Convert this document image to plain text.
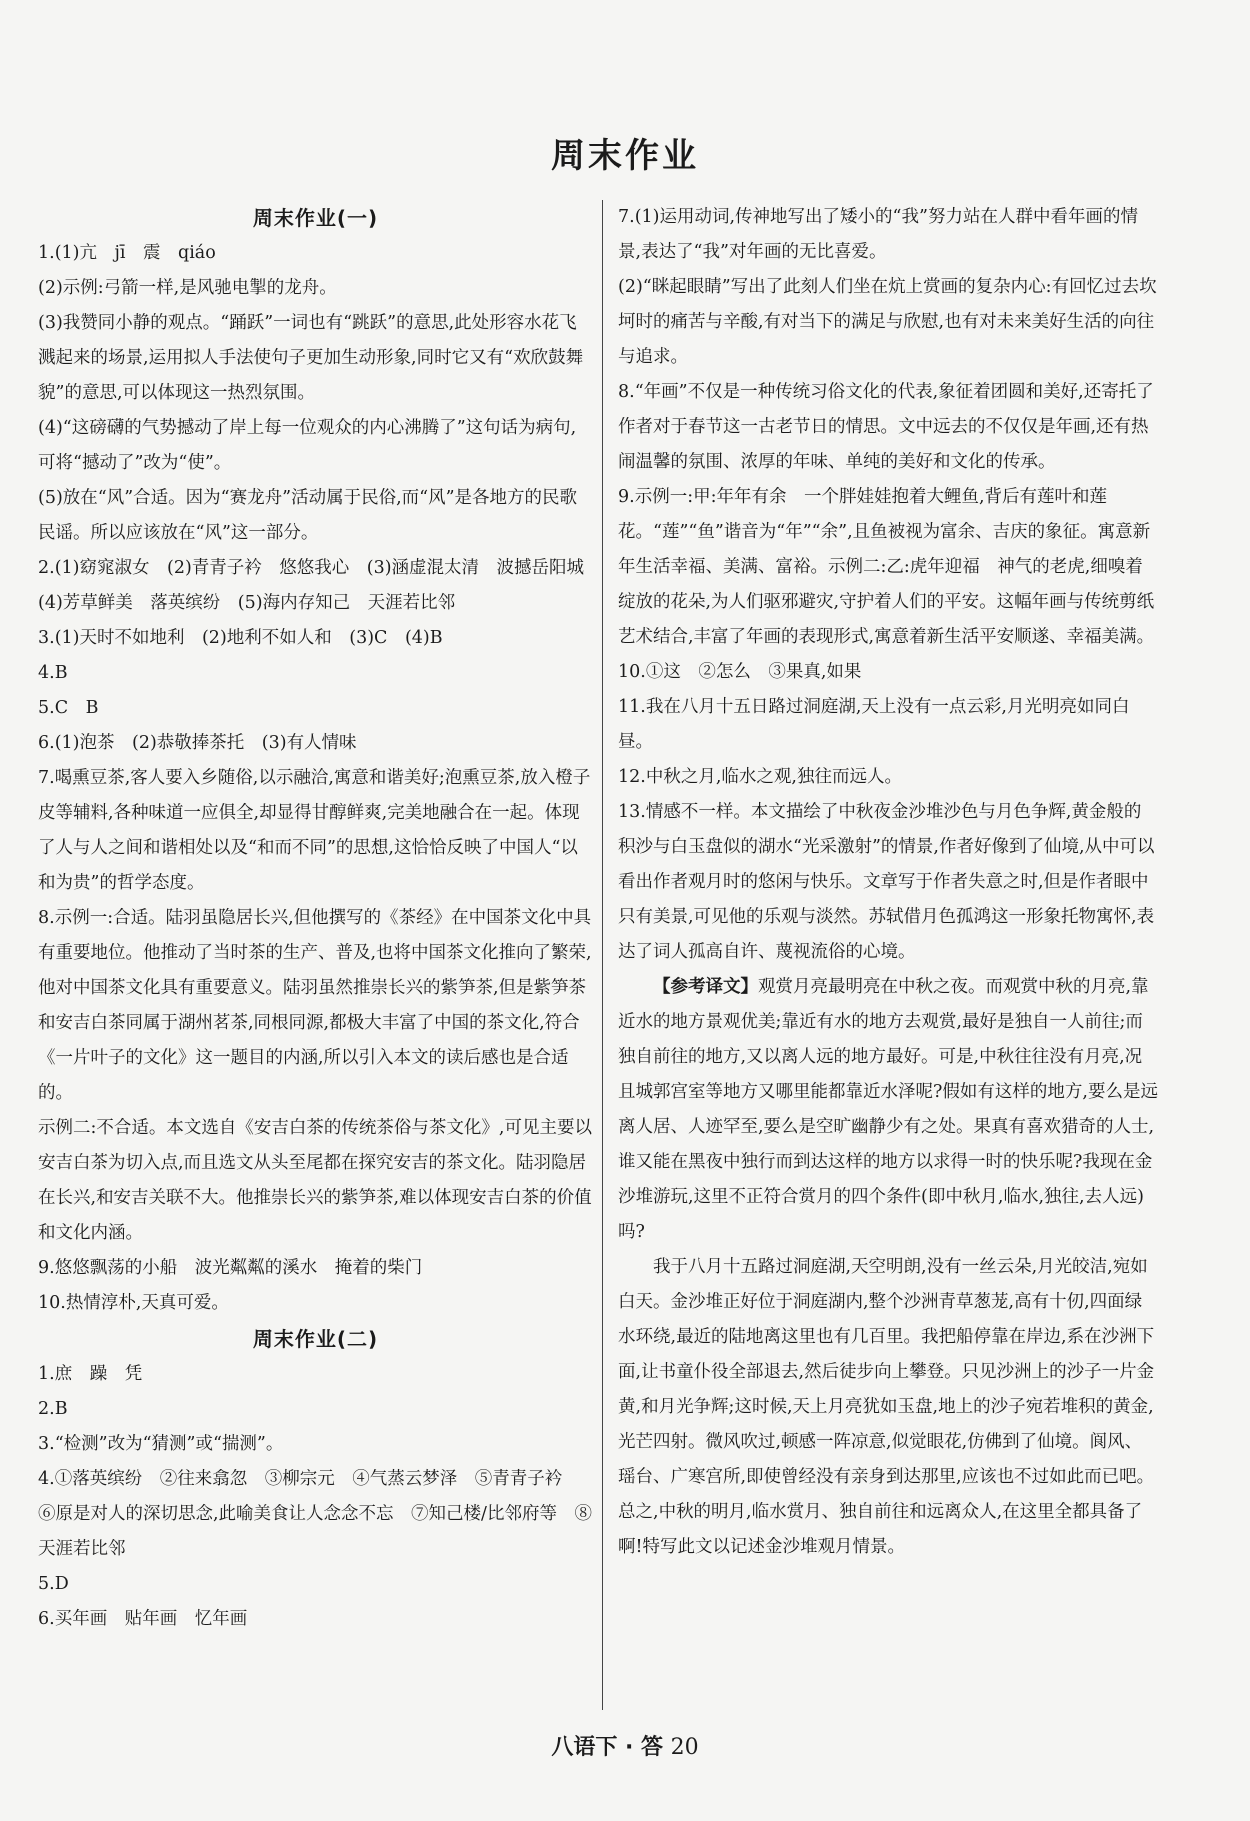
周末作业
周末作业(一)

1.(1)亢　jī　震　qiáo

(2)示例:弓箭一样,是风驰电掣的龙舟。

(3)我赞同小静的观点。“踊跃”一词也有“跳跃”的意思,此处形容水花飞溅起来的场景,运用拟人手法使句子更加生动形象,同时它又有“欢欣鼓舞貌”的意思,可以体现这一热烈氛围。

(4)“这磅礴的气势撼动了岸上每一位观众的内心沸腾了”这句话为病句,可将“撼动了”改为“使”。

(5)放在“风”合适。因为“赛龙舟”活动属于民俗,而“风”是各地方的民歌民谣。所以应该放在“风”这一部分。

2.(1)窈窕淑女　(2)青青子衿　悠悠我心　(3)涵虚混太清　波撼岳阳城　(4)芳草鲜美　落英缤纷　(5)海内存知己　天涯若比邻

3.(1)天时不如地利　(2)地利不如人和　(3)C　(4)B

4.B

5.C　B

6.(1)泡茶　(2)恭敬捧茶托　(3)有人情味

7.喝熏豆茶,客人要入乡随俗,以示融洽,寓意和谐美好;泡熏豆茶,放入橙子皮等辅料,各种味道一应俱全,却显得甘醇鲜爽,完美地融合在一起。体现了人与人之间和谐相处以及“和而不同”的思想,这恰恰反映了中国人“以和为贵”的哲学态度。

8.示例一:合适。陆羽虽隐居长兴,但他撰写的《茶经》在中国茶文化中具有重要地位。他推动了当时茶的生产、普及,也将中国茶文化推向了繁荣,他对中国茶文化具有重要意义。陆羽虽然推崇长兴的紫笋茶,但是紫笋茶和安吉白茶同属于湖州茗茶,同根同源,都极大丰富了中国的茶文化,符合《一片叶子的文化》这一题目的内涵,所以引入本文的读后感也是合适的。

示例二:不合适。本文选自《安吉白茶的传统茶俗与茶文化》,可见主要以安吉白茶为切入点,而且选文从头至尾都在探究安吉的茶文化。陆羽隐居在长兴,和安吉关联不大。他推崇长兴的紫笋茶,难以体现安吉白茶的价值和文化内涵。

9.悠悠飘荡的小船　波光粼粼的溪水　掩着的柴门

10.热情淳朴,天真可爱。

周末作业(二)

1.庶　躁　凭

2.B

3.“检测”改为“猜测”或“揣测”。

4.①落英缤纷　②往来翕忽　③柳宗元　④气蒸云梦泽　⑤青青子衿　⑥原是对人的深切思念,此喻美食让人念念不忘　⑦知己楼/比邻府等　⑧天涯若比邻

5.D

6.买年画　贴年画　忆年画

7.(1)运用动词,传神地写出了矮小的“我”努力站在人群中看年画的情景,表达了“我”对年画的无比喜爱。

(2)“眯起眼睛”写出了此刻人们坐在炕上赏画的复杂内心:有回忆过去坎坷时的痛苦与辛酸,有对当下的满足与欣慰,也有对未来美好生活的向往与追求。

8.“年画”不仅是一种传统习俗文化的代表,象征着团圆和美好,还寄托了作者对于春节这一古老节日的情思。文中远去的不仅仅是年画,还有热闹温馨的氛围、浓厚的年味、单纯的美好和文化的传承。

9.示例一:甲:年年有余　一个胖娃娃抱着大鲤鱼,背后有莲叶和莲花。“莲”“鱼”谐音为“年”“余”,且鱼被视为富余、吉庆的象征。寓意新年生活幸福、美满、富裕。示例二:乙:虎年迎福　神气的老虎,细嗅着绽放的花朵,为人们驱邪避灾,守护着人们的平安。这幅年画与传统剪纸艺术结合,丰富了年画的表现形式,寓意着新生活平安顺遂、幸福美满。

10.①这　②怎么　③果真,如果

11.我在八月十五日路过洞庭湖,天上没有一点云彩,月光明亮如同白昼。

12.中秋之月,临水之观,独往而远人。

13.情感不一样。本文描绘了中秋夜金沙堆沙色与月色争辉,黄金般的积沙与白玉盘似的湖水“光采激射”的情景,作者好像到了仙境,从中可以看出作者观月时的悠闲与快乐。文章写于作者失意之时,但是作者眼中只有美景,可见他的乐观与淡然。苏轼借月色孤鸿这一形象托物寓怀,表达了词人孤高自许、蔑视流俗的心境。

【参考译文】观赏月亮最明亮在中秋之夜。而观赏中秋的月亮,靠近水的地方景观优美;靠近有水的地方去观赏,最好是独自一人前往;而独自前往的地方,又以离人远的地方最好。可是,中秋往往没有月亮,况且城郭宫室等地方又哪里能都靠近水泽呢?假如有这样的地方,要么是远离人居、人迹罕至,要么是空旷幽静少有之处。果真有喜欢猎奇的人士,谁又能在黑夜中独行而到达这样的地方以求得一时的快乐呢?我现在金沙堆游玩,这里不正符合赏月的四个条件(即中秋月,临水,独往,去人远)吗?

我于八月十五路过洞庭湖,天空明朗,没有一丝云朵,月光皎洁,宛如白天。金沙堆正好位于洞庭湖内,整个沙洲青草葱茏,高有十仞,四面绿水环绕,最近的陆地离这里也有几百里。我把船停靠在岸边,系在沙洲下面,让书童仆役全部退去,然后徒步向上攀登。只见沙洲上的沙子一片金黄,和月光争辉;这时候,天上月亮犹如玉盘,地上的沙子宛若堆积的黄金,光芒四射。微风吹过,顿感一阵凉意,似觉眼花,仿佛到了仙境。阆风、瑶台、广寒宫所,即使曾经没有亲身到达那里,应该也不过如此而已吧。总之,中秋的明月,临水赏月、独自前往和远离众人,在这里全都具备了啊!特写此文以记述金沙堆观月情景。

八语下 · 答 20
